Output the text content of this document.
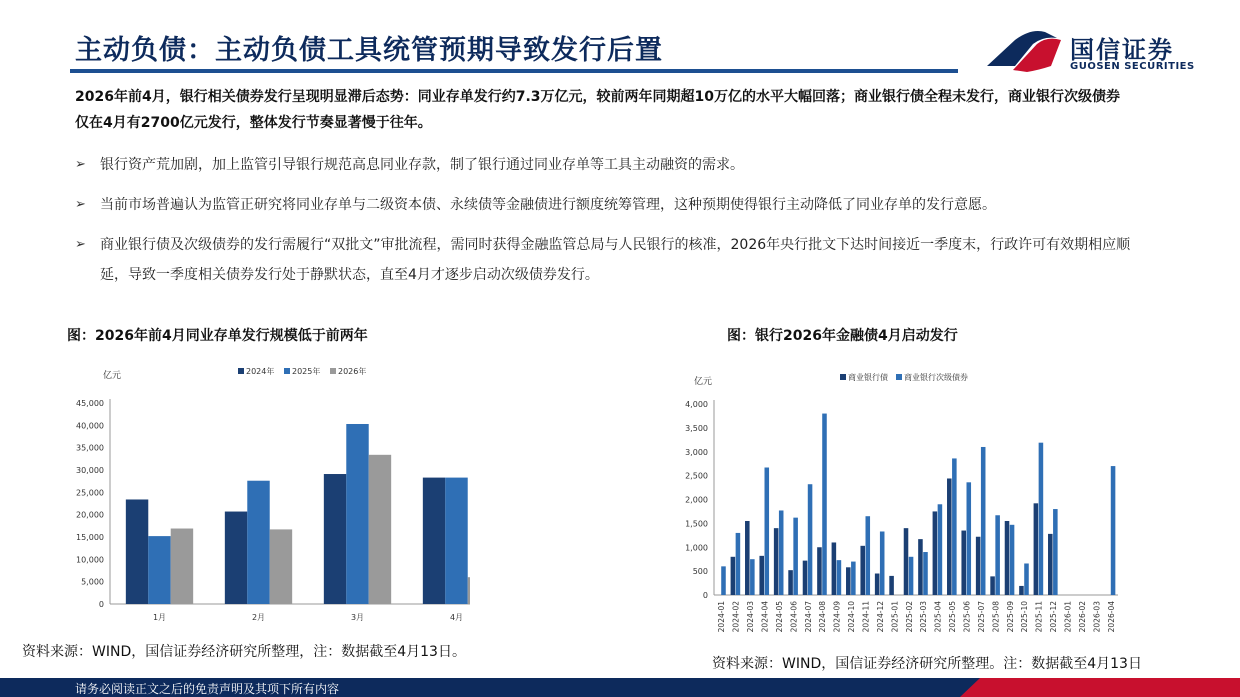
主动负债：主动负债工具统管预期导致发行后置	国信证券
GUOSEN SECURITIES
2026年前4月，银行相关债券发行呈现明显滞后态势：同业存单发行约7.3万亿元，较前两年同期超10万亿的水平大幅回落；商业银行债全程未发行，商业银行次级债券仅在4月有2700亿元发行，整体发行节奏显著慢于往年。
➢ 银行资产荒加剧，加上监管引导银行规范高息同业存款，制了银行通过同业存单等工具主动融资的需求。
➢ 当前市场普遍认为监管正研究将同业存单与二级资本债、永续债等金融债进行额度统筹管理，这种预期使得银行主动降低了同业存单的发行意愿。
➢ 商业银行债及次级债券的发行需履行“双批文”审批流程，需同时获得金融监管总局与人民银行的核准，2026年央行批文下达时间接近一季度末，行政许可有效期相应顺延，导致一季度相关债券发行处于静默状态，直至4月才逐步启动次级债券发行。
图：2026年前4月同业存单发行规模低于前两年	图：银行2026年金融债4月启动发行
亿元	2024年 2025年 2026年
0
5,000
10,000
15,000
20,000
25,000
30,000
35,000
40,000
45,000
1月	2月	3月	4月
亿元	商业银行债 商业银行次级债券
0
500
1,000
1,500
2,000
2,500
3,000
3,500
4,000
2024-01 2024-02 2024-03 2024-04 2024-05 2024-06 2024-07 2024-08 2024-09 2024-10 2024-11 2024-12 2025-01 2025-02 2025-03 2025-04 2025-05 2025-06 2025-07 2025-08 2025-09 2025-10 2025-11 2025-12 2026-01 2026-02 2026-03 2026-04
资料来源：WIND，国信证券经济研究所整理，注：数据截至4月13日。
资料来源：WIND，国信证券经济研究所整理。注：数据截至4月13日
请务必阅读正文之后的免责声明及其项下所有内容
